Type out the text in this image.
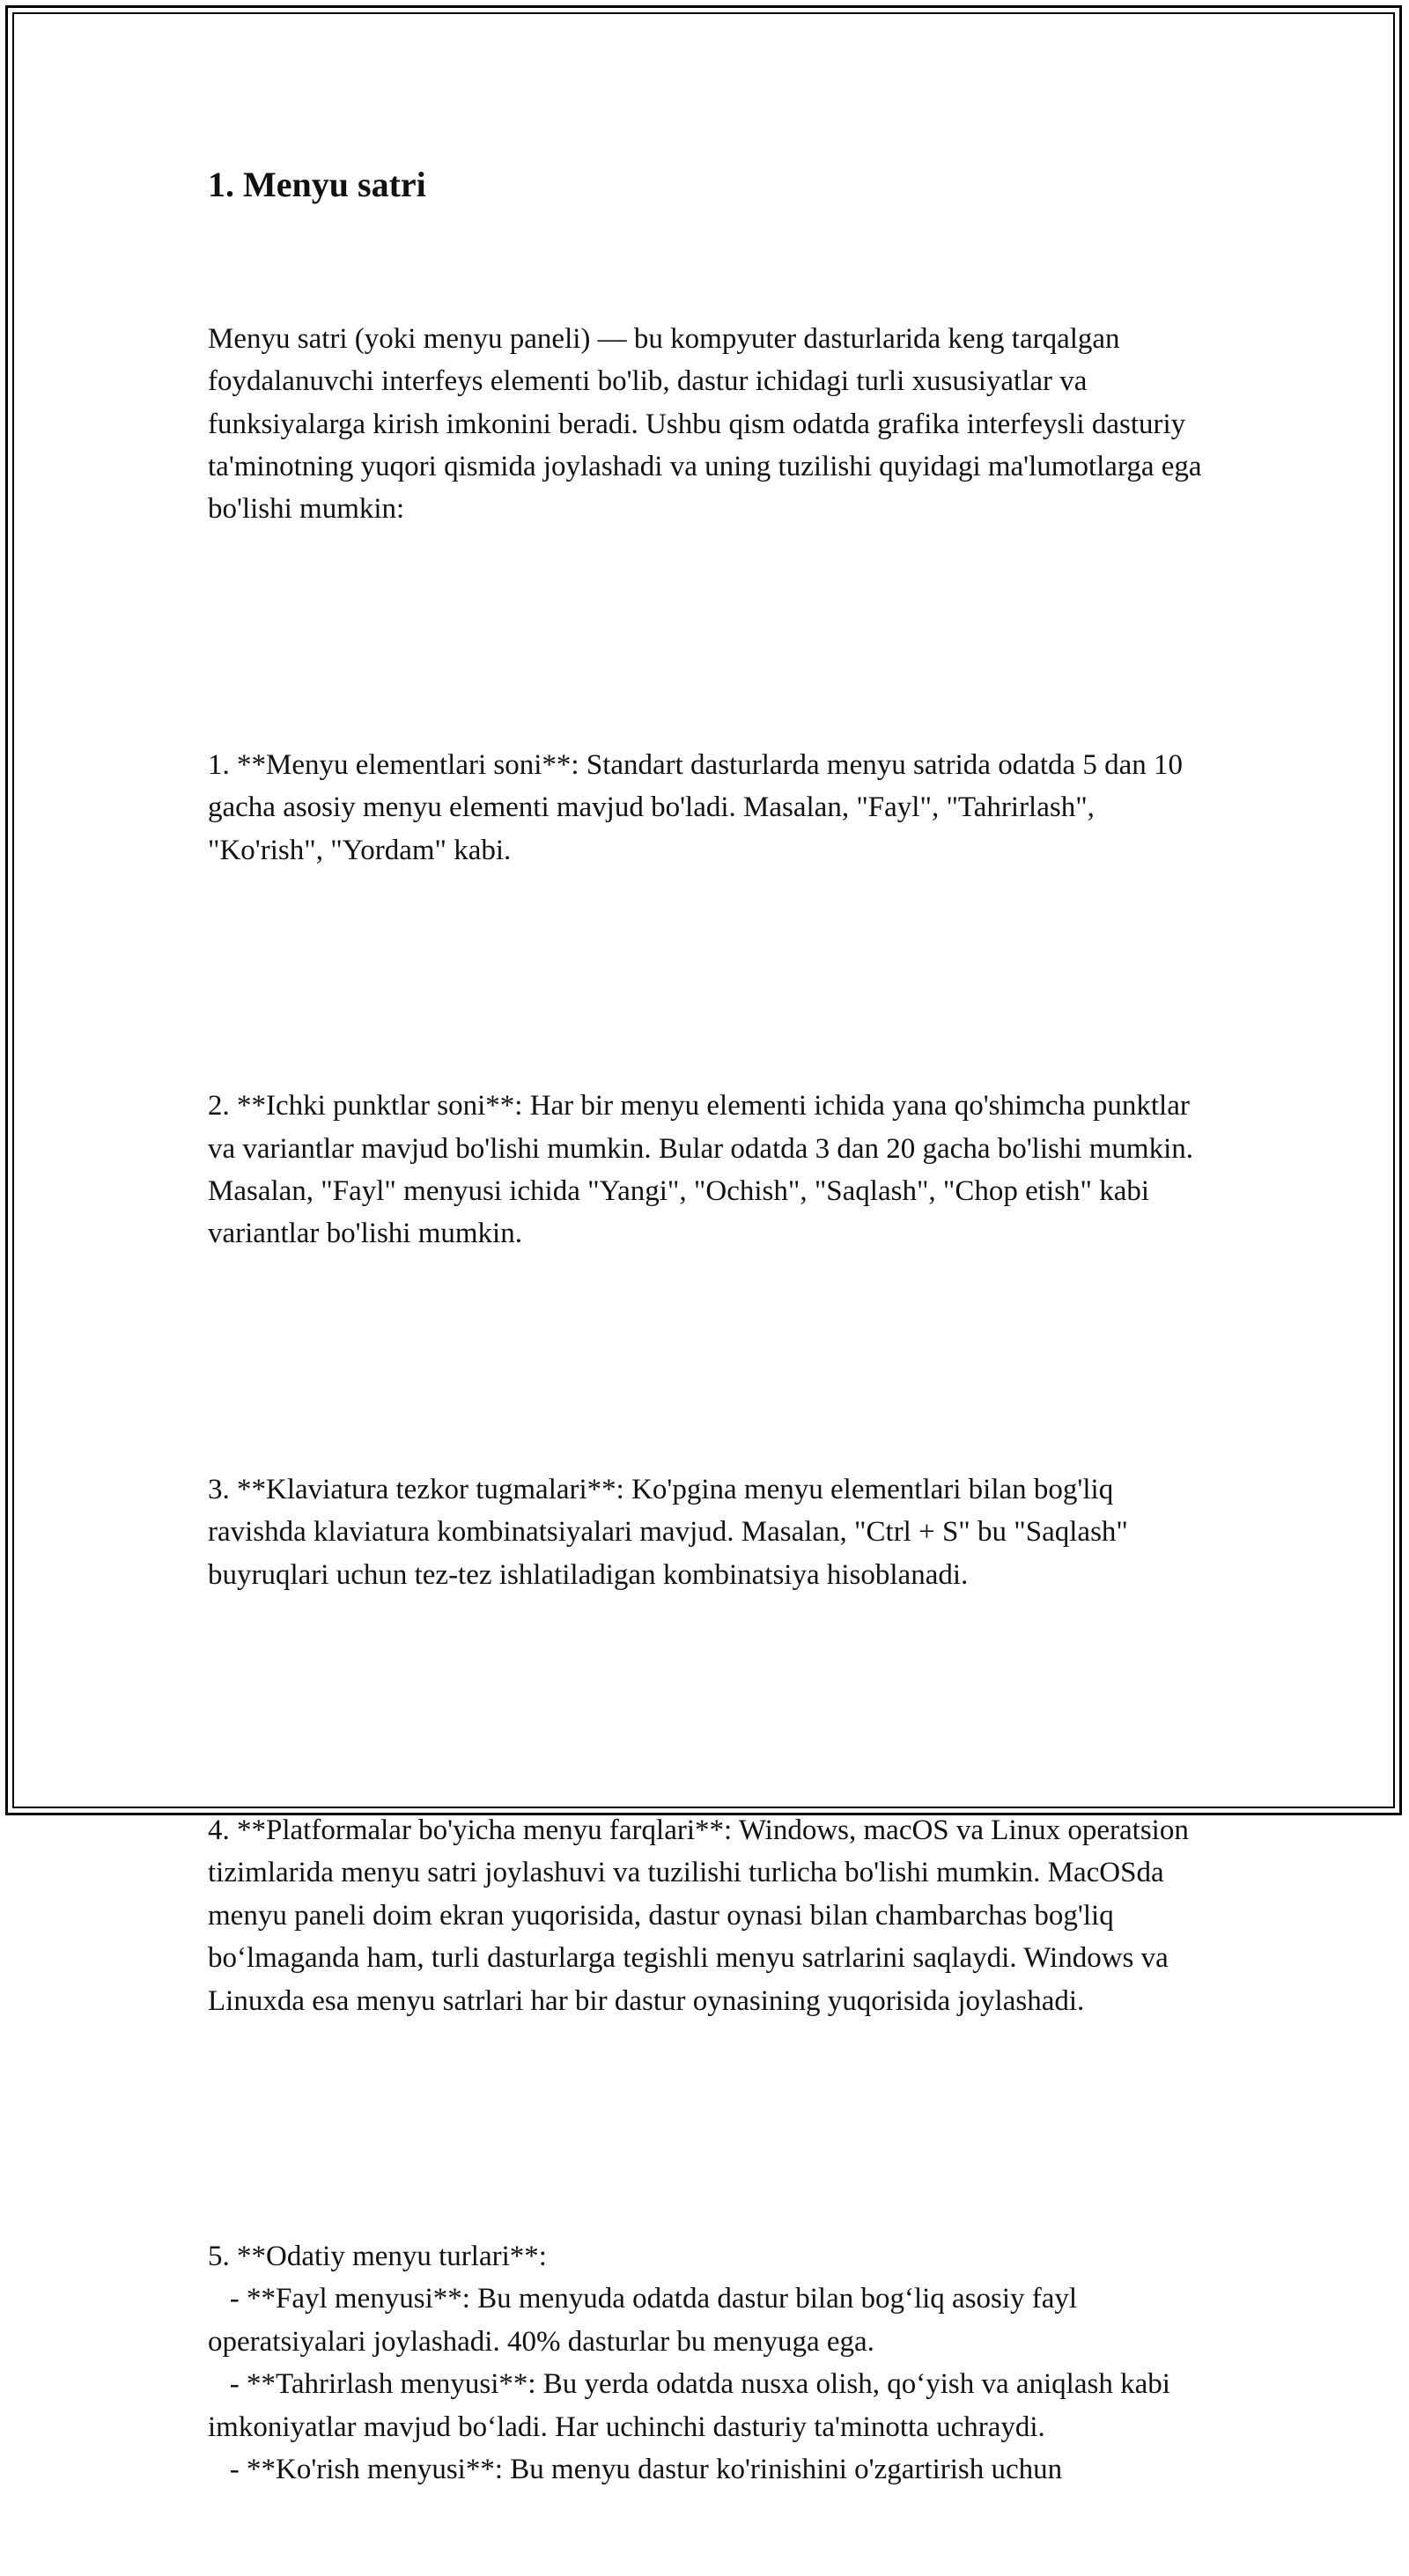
1. Menyu satri

Menyu satri (yoki menyu paneli) — bu kompyuter dasturlarida keng tarqalgan foydalanuvchi interfeys elementi bo'lib, dastur ichidagi turli xususiyatlar va funksiyalarga kirish imkonini beradi. Ushbu qism odatda grafika interfeysli dasturiy ta'minotning yuqori qismida joylashadi va uning tuzilishi quyidagi ma'lumotlarga ega bo'lishi mumkin:

1. **Menyu elementlari soni**: Standart dasturlarda menyu satrida odatda 5 dan 10 gacha asosiy menyu elementi mavjud bo'ladi. Masalan, "Fayl", "Tahrirlash", "Ko'rish", "Yordam" kabi.

2. **Ichki punktlar soni**: Har bir menyu elementi ichida yana qo'shimcha punktlar va variantlar mavjud bo'lishi mumkin. Bular odatda 3 dan 20 gacha bo'lishi mumkin. Masalan, "Fayl" menyusi ichida "Yangi", "Ochish", "Saqlash", "Chop etish" kabi variantlar bo'lishi mumkin.

3. **Klaviatura tezkor tugmalari**: Ko'pgina menyu elementlari bilan bog'liq ravishda klaviatura kombinatsiyalari mavjud. Masalan, "Ctrl + S" bu "Saqlash" buyruqlari uchun tez-tez ishlatiladigan kombinatsiya hisoblanadi.

4. **Platformalar bo'yicha menyu farqlari**: Windows, macOS va Linux operatsion tizimlarida menyu satri joylashuvi va tuzilishi turlicha bo'lishi mumkin. MacOSda menyu paneli doim ekran yuqorisida, dastur oynasi bilan chambarchas bog'liq bo‘lmaganda ham, turli dasturlarga tegishli menyu satrlarini saqlaydi. Windows va Linuxda esa menyu satrlari har bir dastur oynasining yuqorisida joylashadi.

5. **Odatiy menyu turlari**:
- **Fayl menyusi**: Bu menyuda odatda dastur bilan bog‘liq asosiy fayl operatsiyalari joylashadi. 40% dasturlar bu menyuga ega.
- **Tahrirlash menyusi**: Bu yerda odatda nusxa olish, qo‘yish va aniqlash kabi imkoniyatlar mavjud bo‘ladi. Har uchinchi dasturiy ta'minotta uchraydi.
- **Ko'rish menyusi**: Bu menyu dastur ko'rinishini o'zgartirish uchun
